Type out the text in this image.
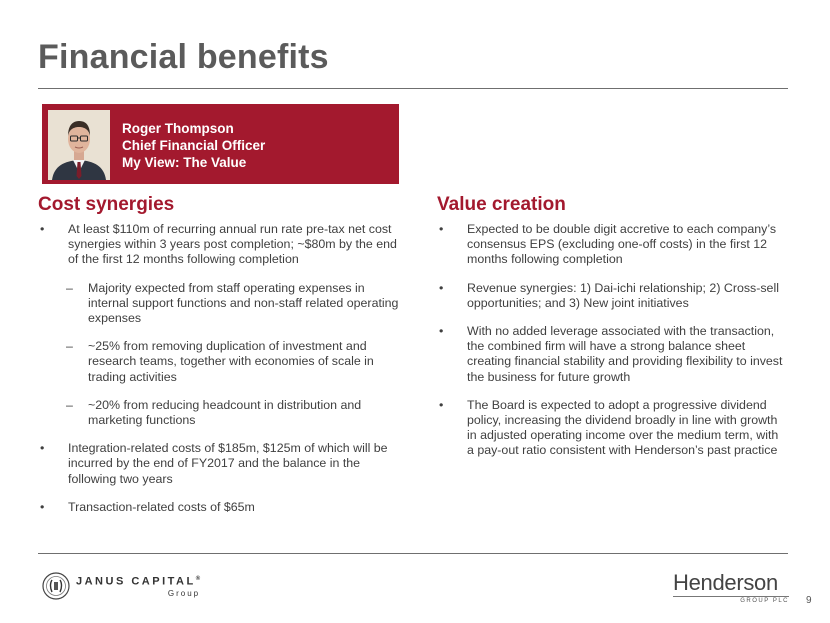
Financial benefits
Roger Thompson
Chief Financial Officer
My View: The Value
Cost synergies	Value creation
• At least $110m of recurring annual run rate pre-tax net cost synergies within 3 years post completion; ~$80m by the end of the first 12 months following completion
– Majority expected from staff operating expenses in internal support functions and non-staff related operating expenses
– ~25% from removing duplication of investment and research teams, together with economies of scale in trading activities
– ~20% from reducing headcount in distribution and marketing functions
• Integration-related costs of $185m, $125m of which will be incurred by the end of FY2017 and the balance in the following two years
• Transaction-related costs of $65m
• Expected to be double digit accretive to each company’s consensus EPS (excluding one-off costs) in the first 12 months following completion
• Revenue synergies: 1) Dai-ichi relationship; 2) Cross-sell opportunities; and 3) New joint initiatives
• With no added leverage associated with the transaction, the combined firm will have a strong balance sheet creating financial stability and providing flexibility to invest the business for future growth
• The Board is expected to adopt a progressive dividend policy, increasing the dividend broadly in line with growth in adjusted operating income over the medium term, with a pay-out ratio consistent with Henderson’s past practice
JANUS CAPITAL®
Group	Henderson
GROUP PLC 9
